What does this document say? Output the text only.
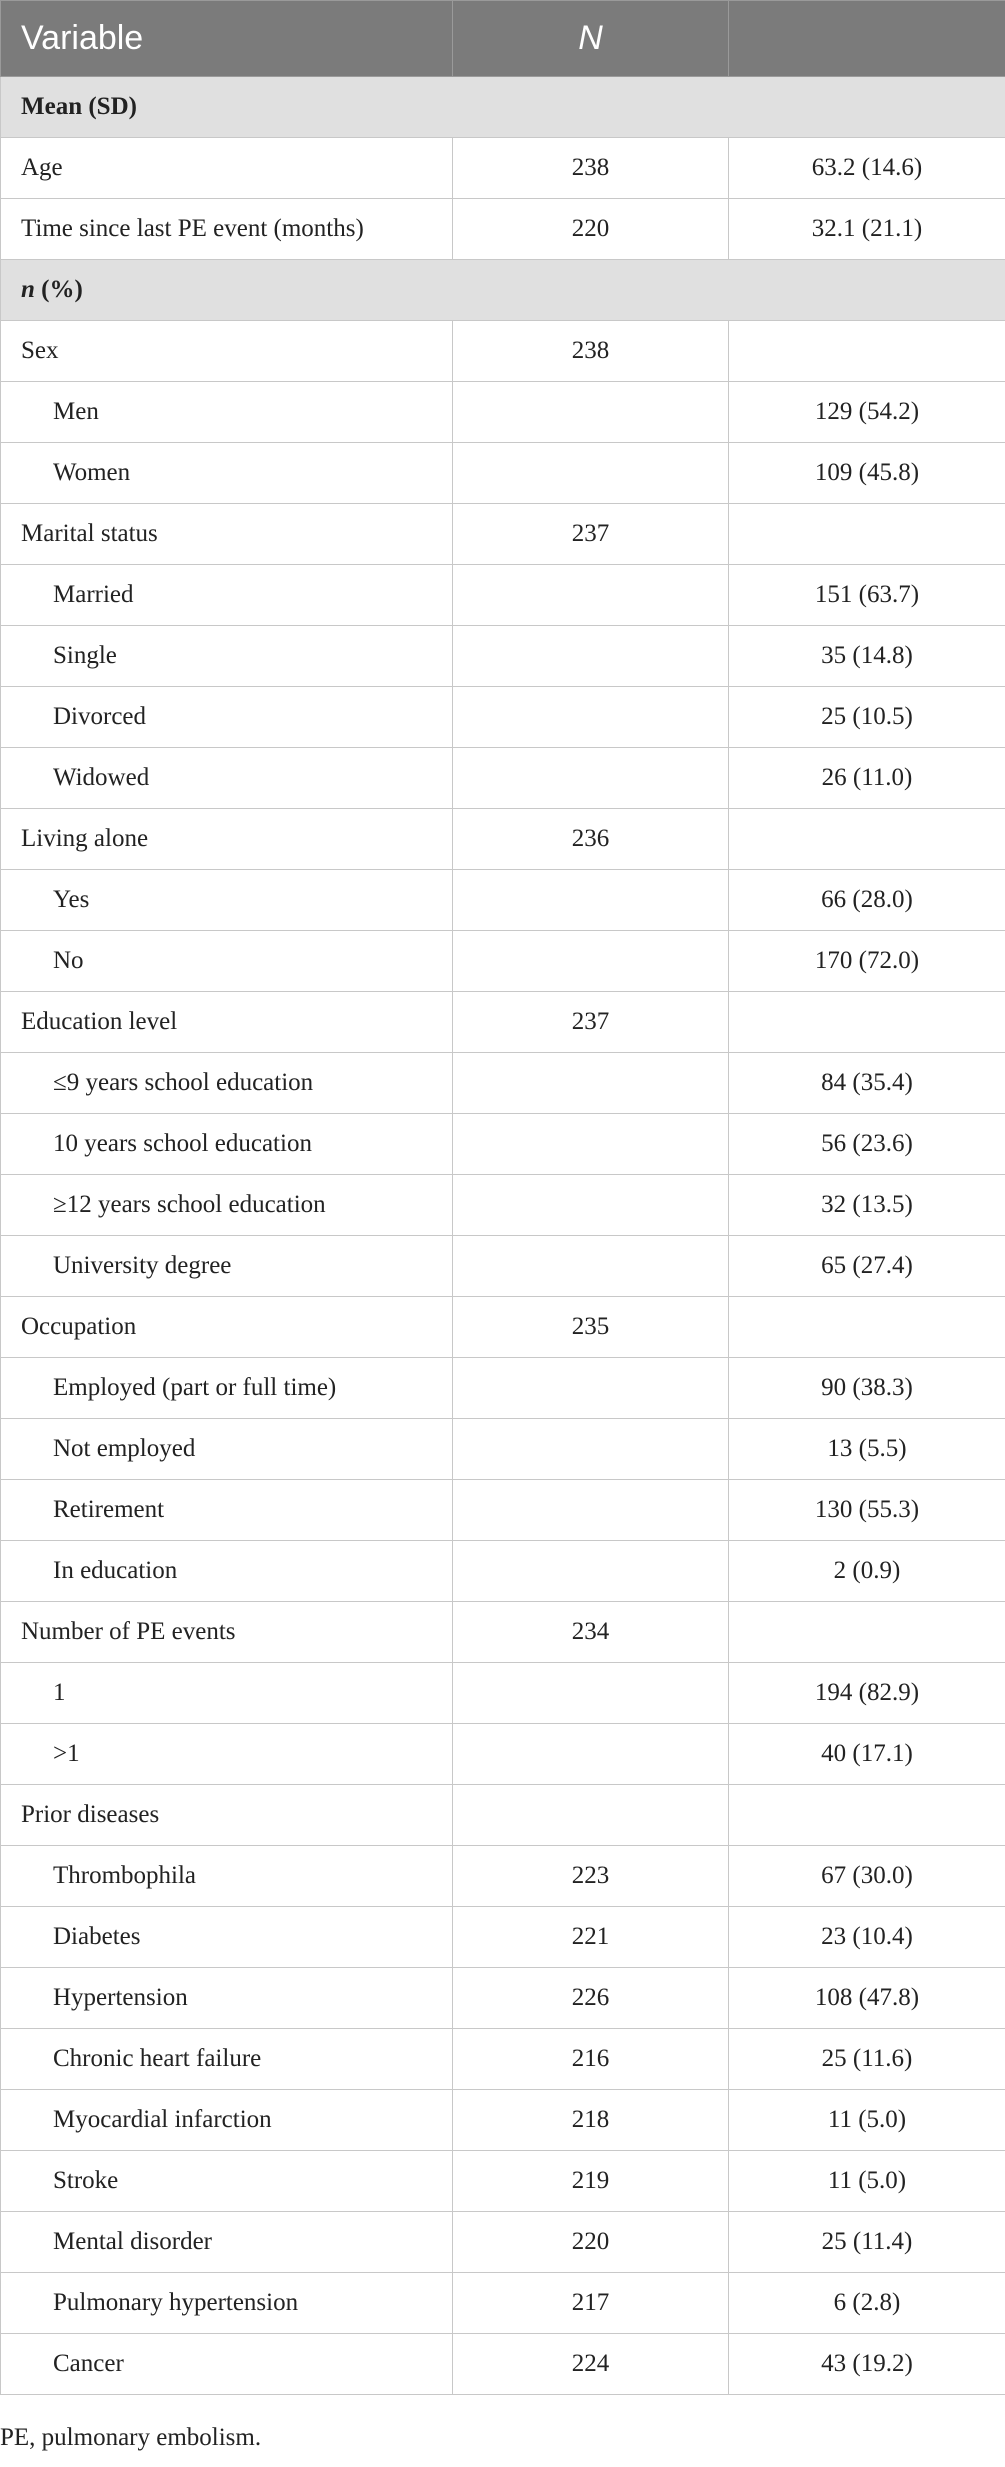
Variable	N	
Mean (SD)		
Age	238	63.2 (14.6)
Time since last PE event (months)	220	32.1 (21.1)
n (%)		
Sex	238	
Men		129 (54.2)
Women		109 (45.8)
Marital status	237	
Married		151 (63.7)
Single		35 (14.8)
Divorced		25 (10.5)
Widowed		26 (11.0)
Living alone	236	
Yes		66 (28.0)
No		170 (72.0)
Education level	237	
≤9 years school education		84 (35.4)
10 years school education		56 (23.6)
≥12 years school education		32 (13.5)
University degree		65 (27.4)
Occupation	235	
Employed (part or full time)		90 (38.3)
Not employed		13 (5.5)
Retirement		130 (55.3)
In education		2 (0.9)
Number of PE events	234	
1		194 (82.9)
>1		40 (17.1)
Prior diseases		
Thrombophila	223	67 (30.0)
Diabetes	221	23 (10.4)
Hypertension	226	108 (47.8)
Chronic heart failure	216	25 (11.6)
Myocardial infarction	218	11 (5.0)
Stroke	219	11 (5.0)
Mental disorder	220	25 (11.4)
Pulmonary hypertension	217	6 (2.8)
Cancer	224	43 (19.2)
PE, pulmonary embolism.
